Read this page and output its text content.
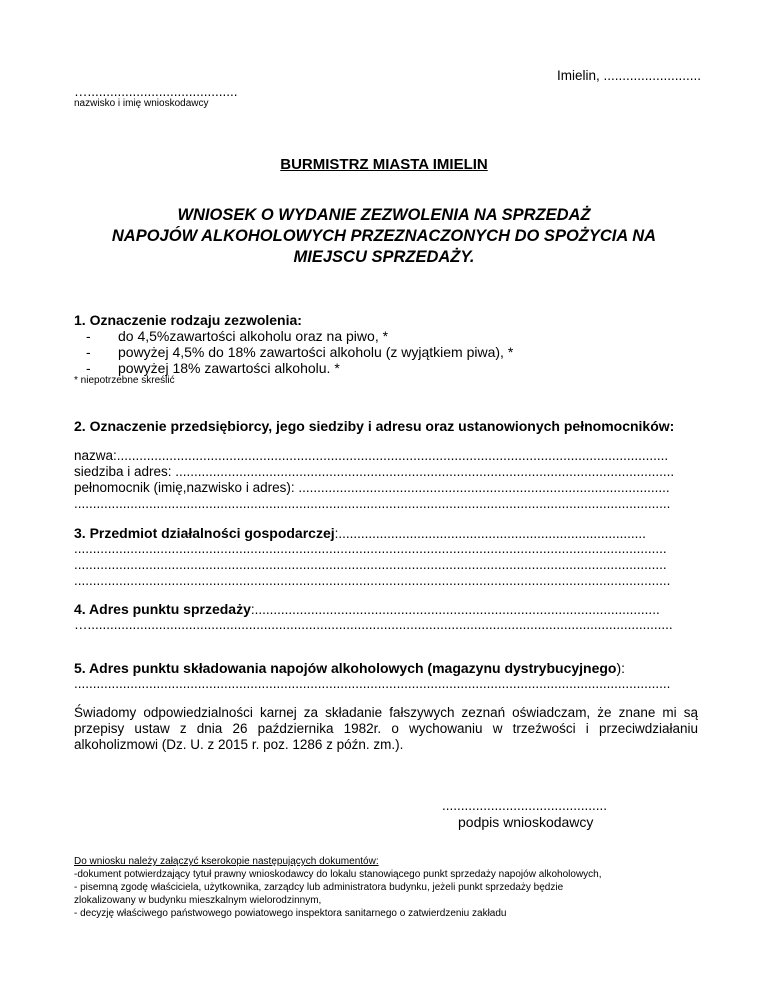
Imielin, ..........................
…........................................
nazwisko i imię wnioskodawcy
BURMISTRZ MIASTA IMIELIN
WNIOSEK O WYDANIE ZEZWOLENIA NA SPRZEDAŻ
NAPOJÓW ALKOHOLOWYCH PRZEZNACZONYCH DO SPOŻYCIA NA
MIEJSCU SPRZEDAŻY.
1. Oznaczenie rodzaju zezwolenia:
- do 4,5%zawartości alkoholu oraz na piwo, *
- powyżej 4,5% do 18% zawartości alkoholu (z wyjątkiem piwa), *
- powyżej 18% zawartości alkoholu. *
* niepotrzebne skreślić
2. Oznaczenie przedsiębiorcy, jego siedziby i adresu oraz ustanowionych pełnomocników:
nazwa:...................................................................................................................................................
siedziba i adres: .....................................................................................................................................
pełnomocnik (imię,nazwisko i adres): ...................................................................................................
...............................................................................................................................................................
3. Przedmiot działalności gospodarczej:..................................................................................
..............................................................................................................................................................
..............................................................................................................................................................
...............................................................................................................................................................
4. Adres punktu sprzedaży:............................................................................................................
…............................................................................................................................................................
5. Adres punktu składowania napojów alkoholowych (magazynu dystrybucyjnego):
...............................................................................................................................................................
Świadomy odpowiedzialności karnej za składanie fałszywych zeznań oświadczam, że znane mi są przepisy ustaw z dnia 26 października 1982r. o wychowaniu w trzeźwości i przeciwdziałaniu alkoholizmowi (Dz. U. z 2015 r. poz. 1286 z późn. zm.).
............................................
podpis wnioskodawcy
Do wniosku należy załączyć kserokopie następujących dokumentów:
-dokument potwierdzający tytuł prawny wnioskodawcy do lokalu stanowiącego punkt sprzedaży napojów alkoholowych,
- pisemną zgodę właściciela, użytkownika, zarządcy lub administratora budynku, jeżeli punkt sprzedaży będzie
zlokalizowany w budynku mieszkalnym wielorodzinnym,
- decyzję właściwego państwowego powiatowego inspektora sanitarnego o zatwierdzeniu zakładu
